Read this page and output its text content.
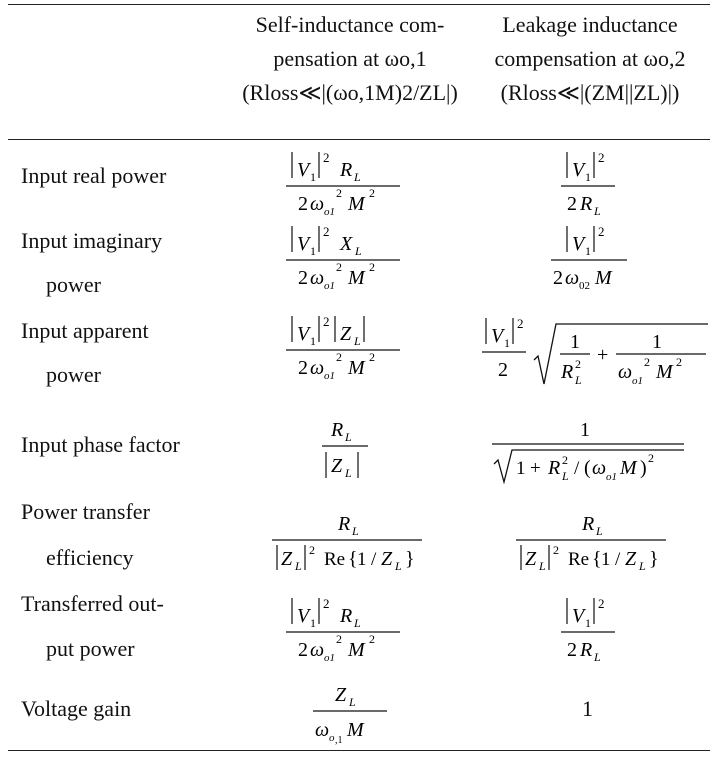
Self-inductance com-
pensation at ωo,1
(Rloss≪|(ωo,1M)2/ZL|)
Leakage inductance
compensation at ωo,2
(Rloss≪|(ZM||ZL)|)
Input real power
Input imaginary
power
Input apparent
power
Input phase factor
Power transfer
efficiency
Transferred out-
put power
Voltage gain
V 1
2
R L
2 ω o1
2 M 2
V 1
2
X L
2 ω o1
2 M 2
V 1
2
Z L
2 ω o1
2 M 2
R L
Z L
R L
Z L
2 Re { 1 / Z L }
V 1
2
R L
2 ω o1
2 M 2
Z L
ω o ,1 M
V 1
2
2 R L
V 1
2
2 ω 02 M
V 1
2
2
1
R L
2 +
1
ω o1
2 M 2
1
1 + R L
2 / ( ω o1 M ) 2
R L
Z L
2 Re { 1 / Z L }
V 1
2
2 R L
1
